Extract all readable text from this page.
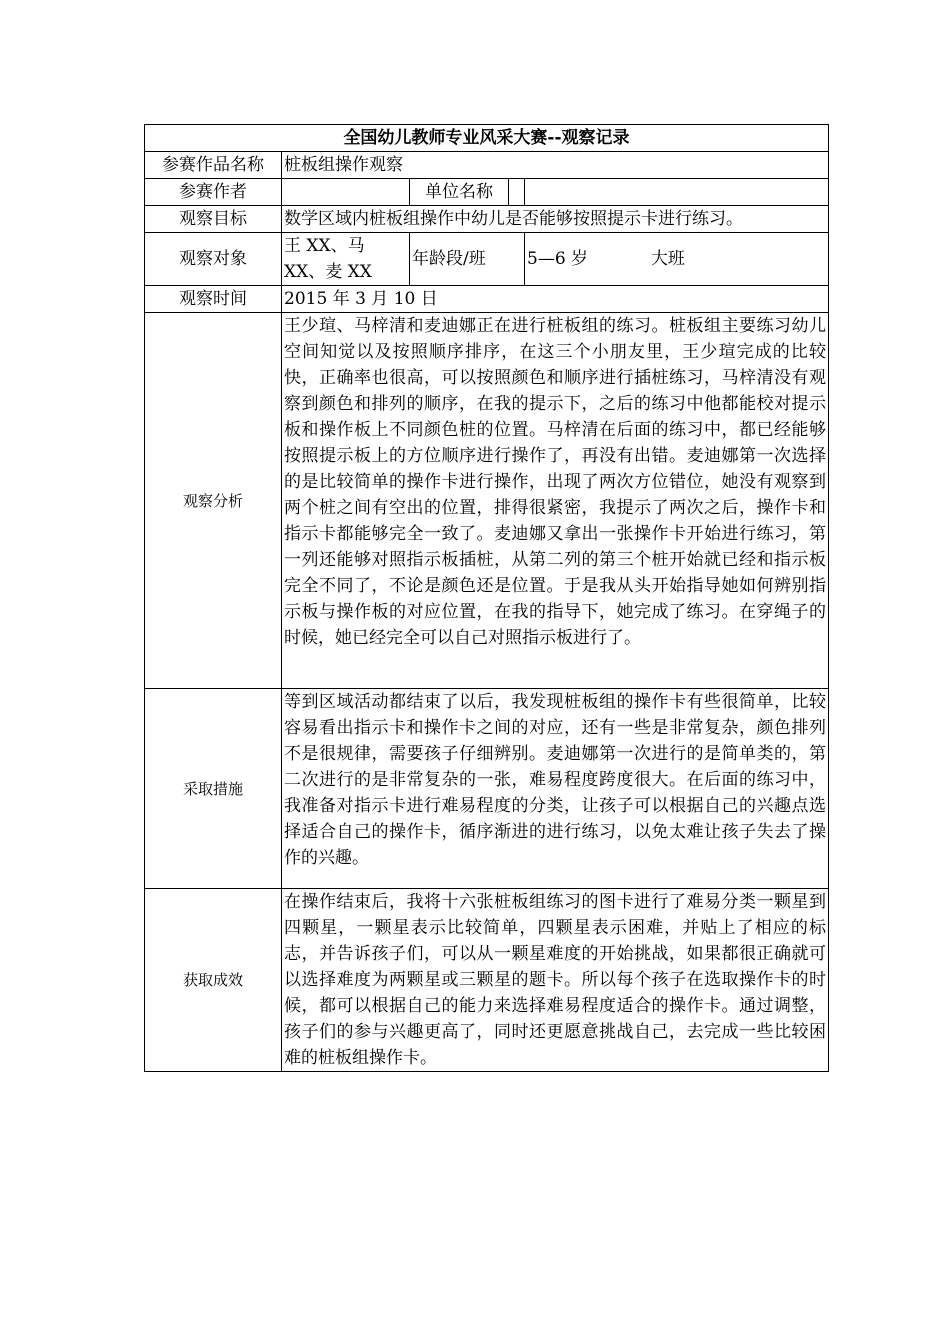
全国幼儿教师专业风采大赛--观察记录			
参赛作品名称	桩板组操作观察		
参赛作者		单位名称	

观察目标	数学区域内桩板组操作中幼儿是否能够按照提示卡进行练习。		
观察对象	王 XX、马 XX、麦 XX	年龄段/班	5—6 岁 大班
观察时间	2015 年 3 月 10 日		
观察分析	王少瑄、马梓清和麦迪娜正在进行桩板组的练习。桩板组主要练习幼儿空间知觉以及按照顺序排序，在这三个小朋友里，王少瑄完成的比较快，正确率也很高，可以按照颜色和顺序进行插桩练习，马梓清没有观察到颜色和排列的顺序，在我的提示下，之后的练习中他都能校对提示板和操作板上不同颜色桩的位置。马梓清在后面的练习中，都已经能够按照提示板上的方位顺序进行操作了，再没有出错。麦迪娜第一次选择的是比较简单的操作卡进行操作，出现了两次方位错位，她没有观察到两个桩之间有空出的位置，排得很紧密，我提示了两次之后，操作卡和指示卡都能够完全一致了。麦迪娜又拿出一张操作卡开始进行练习，第一列还能够对照指示板插桩，从第二列的第三个桩开始就已经和指示板完全不同了，不论是颜色还是位置。于是我从头开始指导她如何辨别指示板与操作板的对应位置，在我的指导下，她完成了练习。在穿绳子的时候，她已经完全可以自己对照指示板进行了。		
采取措施	等到区域活动都结束了以后，我发现桩板组的操作卡有些很简单，比较容易看出指示卡和操作卡之间的对应，还有一些是非常复杂，颜色排列不是很规律，需要孩子仔细辨别。麦迪娜第一次进行的是简单类的，第二次进行的是非常复杂的一张，难易程度跨度很大。在后面的练习中，我准备对指示卡进行难易程度的分类，让孩子可以根据自己的兴趣点选择适合自己的操作卡，循序渐进的进行练习，以免太难让孩子失去了操作的兴趣。		
获取成效	在操作结束后，我将十六张桩板组练习的图卡进行了难易分类一颗星到四颗星，一颗星表示比较简单，四颗星表示困难，并贴上了相应的标志，并告诉孩子们，可以从一颗星难度的开始挑战，如果都很正确就可以选择难度为两颗星或三颗星的题卡。所以每个孩子在选取操作卡的时候，都可以根据自己的能力来选择难易程度适合的操作卡。通过调整，孩子们的参与兴趣更高了，同时还更愿意挑战自己，去完成一些比较困难的桩板组操作卡。		
